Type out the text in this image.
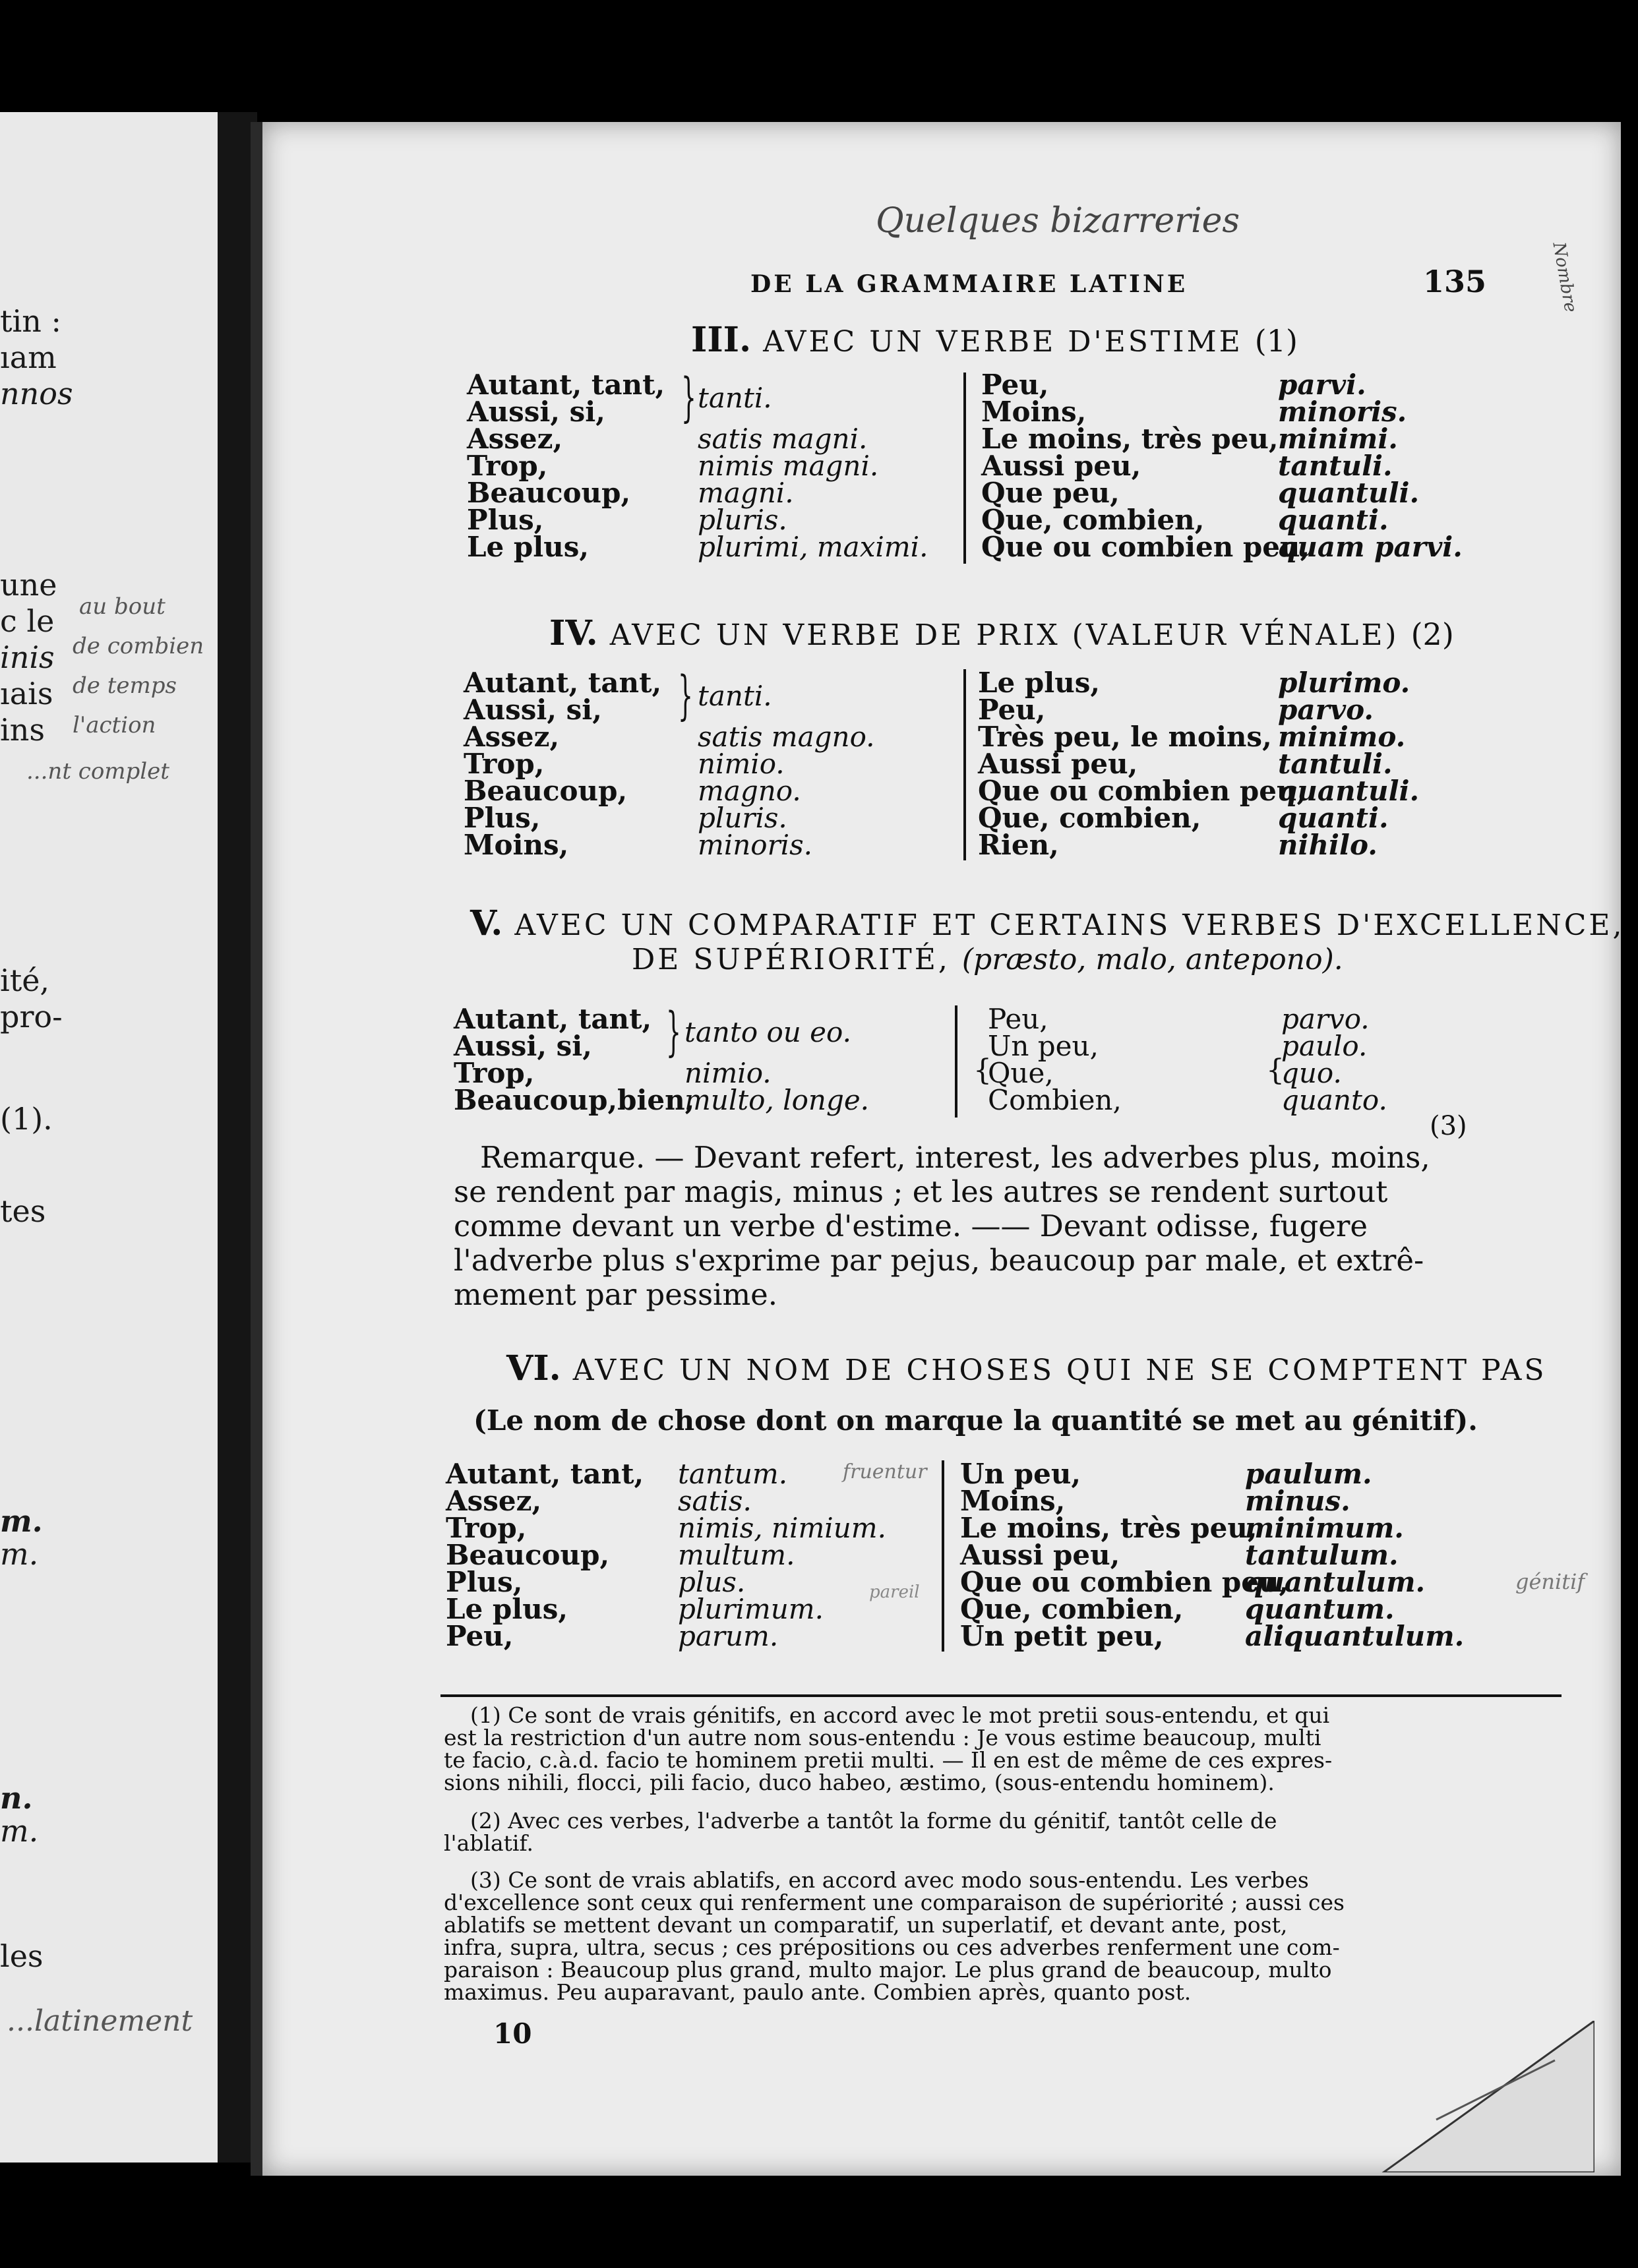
tin :
ıam
nnos
une
c le
inis
ıais
ins
ité,
pro-
(1).
tes
m.
m.
n.
m.
les
au bout
de combien
de temps
l'action
...nt complet
...latinement
Quelques bizarreries
Nombre
DE LA GRAMMAIRE LATINE	135
III. AVEC UN VERBE D'ESTIME (1)
Autant, tant,
Aussi, si,
Assez,
Trop,
Beaucoup,
Plus,
Le plus,
} tanti.
satis magni.
nimis magni.
magni.
pluris.
plurimi, maximi.
Peu,
Moins,
Le moins, très peu,
Aussi peu,
Que peu,
Que, combien,
Que ou combien peu,
parvi.
minoris.
minimi.
tantuli.
quantuli.
quanti.
quam parvi.
IV. AVEC UN VERBE DE PRIX (VALEUR VÉNALE) (2)
Autant, tant,
Aussi, si,
Assez,
Trop,
Beaucoup,
Plus,
Moins,
} tanti.
satis magno.
nimio.
magno.
pluris.
minoris.
Le plus,
Peu,
Très peu, le moins,
Aussi peu,
Que ou combien peu,
Que, combien,
Rien,
plurimo.
parvo.
minimo.
tantuli.
quantuli.
quanti.
nihilo.
V. AVEC UN COMPARATIF ET CERTAINS VERBES D'EXCELLENCE,
DE SUPÉRIORITÉ, (præsto, malo, antepono).
Autant, tant,
Aussi, si,
Trop,
Beaucoup,bien,
} tanto ou eo.
nimio.
multo, longe.
Peu,
Un peu,
Que,
Combien,
{
parvo.
paulo.
quo.
quanto.
{
(3)
Remarque. — Devant refert, interest, les adverbes plus, moins,
se rendent par magis, minus ; et les autres se rendent surtout
comme devant un verbe d'estime. —— Devant odisse, fugere
l'adverbe plus s'exprime par pejus, beaucoup par male, et extrê-
mement par pessime.
VI. AVEC UN NOM DE CHOSES QUI NE SE COMPTENT PAS
(Le nom de chose dont on marque la quantité se met au génitif).
Autant, tant,
Assez,
Trop,
Beaucoup,
Plus,
Le plus,
Peu,
tantum.
satis.
nimis, nimium.
multum.
plus.
plurimum.
parum.
fruentur
génitif
pareil
Un peu,
Moins,
Le moins, très peu,
Aussi peu,
Que ou combien peu,
Que, combien,
Un petit peu,
paulum.
minus.
minimum.
tantulum.
quantulum.
quantum.
aliquantulum.
(1) Ce sont de vrais génitifs, en accord avec le mot pretii sous-entendu, et qui
est la restriction d'un autre nom sous-entendu : Je vous estime beaucoup, multi
te facio, c.à.d. facio te hominem pretii multi. — Il en est de même de ces expres-
sions nihili, flocci, pili facio, duco habeo, æstimo, (sous-entendu hominem).
(2) Avec ces verbes, l'adverbe a tantôt la forme du génitif, tantôt celle de
l'ablatif.
(3) Ce sont de vrais ablatifs, en accord avec modo sous-entendu. Les verbes
d'excellence sont ceux qui renferment une comparaison de supériorité ; aussi ces
ablatifs se mettent devant un comparatif, un superlatif, et devant ante, post,
infra, supra, ultra, secus ; ces prépositions ou ces adverbes renferment une com-
paraison : Beaucoup plus grand, multo major. Le plus grand de beaucoup, multo
maximus. Peu auparavant, paulo ante. Combien après, quanto post.
10
